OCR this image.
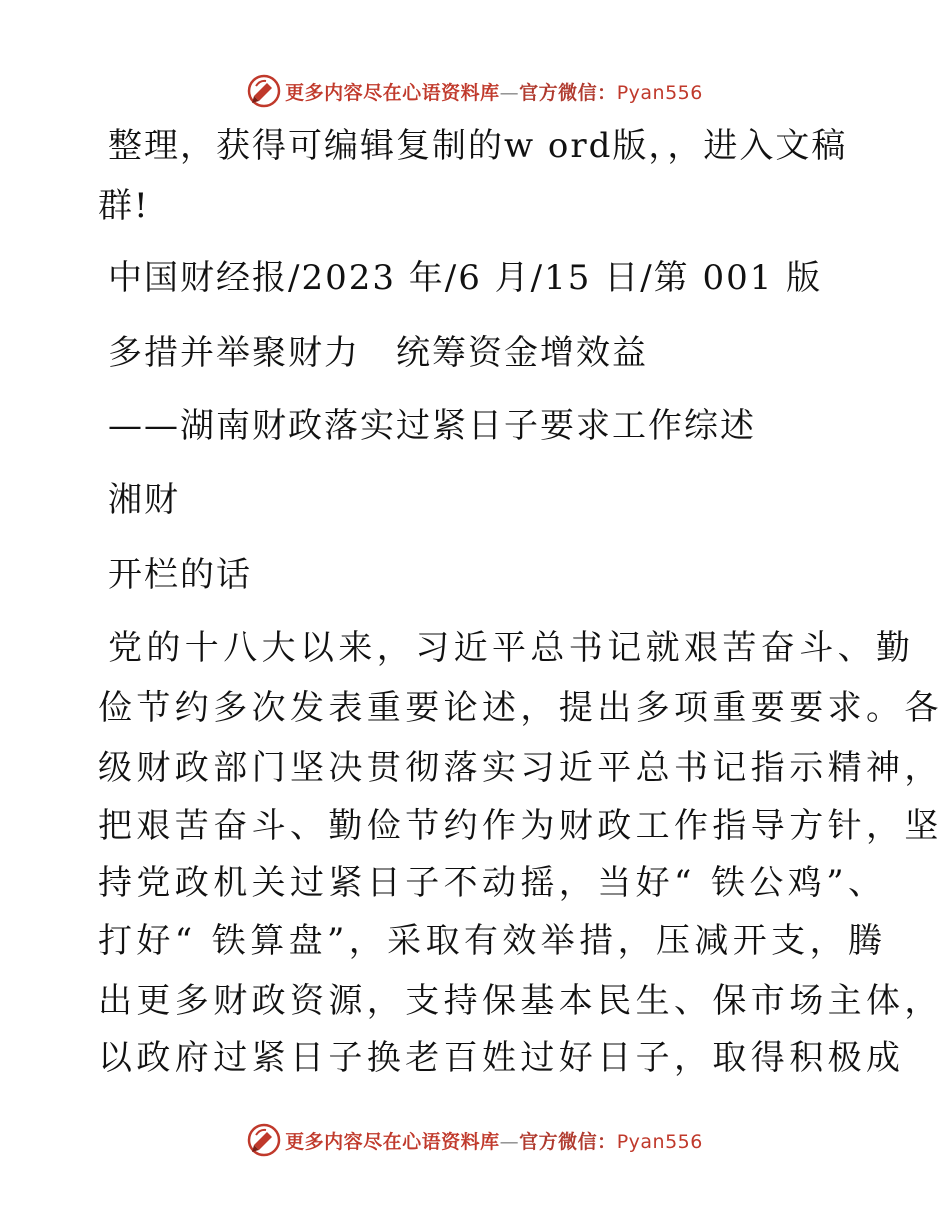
更多内容尽在心语资料库—官方微信：Pyan556
整理，获得可编辑复制的w ord版，，进入文稿
群!
中国财经报/2023 年/6 月/15 日/第 001 版
多措并举聚财力　统筹资金增效益
——湖南财政落实过紧日子要求工作综述
湘财
开栏的话
党的十八大以来，习近平总书记就艰苦奋斗、勤
俭节约多次发表重要论述，提出多项重要要求。各
级财政部门坚决贯彻落实习近平总书记指示精神，
把艰苦奋斗、勤俭节约作为财政工作指导方针，坚
持党政机关过紧日子不动摇，当好“ 铁公鸡”、
打好“ 铁算盘”，采取有效举措，压减开支，腾
出更多财政资源，支持保基本民生、保市场主体，
以政府过紧日子换老百姓过好日子，取得积极成
更多内容尽在心语资料库—官方微信：Pyan556
